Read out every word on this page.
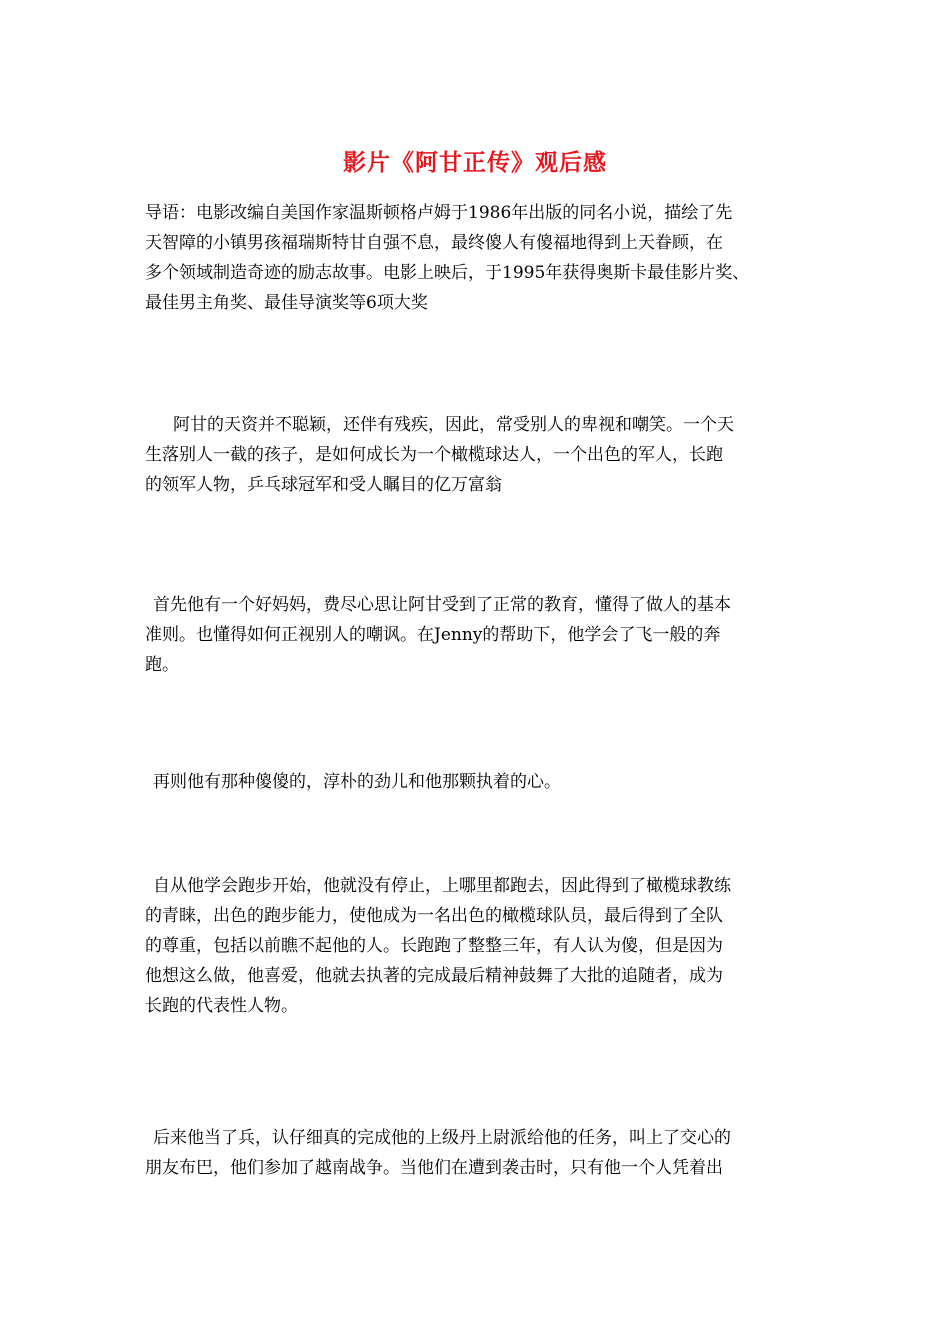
影片《阿甘正传》观后感
导语：电影改编自美国作家温斯顿格卢姆于1986年出版的同名小说，描绘了先
天智障的小镇男孩福瑞斯特甘自强不息，最终傻人有傻福地得到上天眷顾，在
多个领域制造奇迹的励志故事。电影上映后，于1995年获得奥斯卡最佳影片奖、
最佳男主角奖、最佳导演奖等6项大奖
阿甘的天资并不聪颖，还伴有残疾，因此，常受别人的卑视和嘲笑。一个天
生落别人一截的孩子，是如何成长为一个橄榄球达人，一个出色的军人，长跑
的领军人物，乒乓球冠军和受人瞩目的亿万富翁
首先他有一个好妈妈，费尽心思让阿甘受到了正常的教育，懂得了做人的基本
准则。也懂得如何正视别人的嘲讽。在Jenny的帮助下，他学会了飞一般的奔
跑。
再则他有那种傻傻的，淳朴的劲儿和他那颗执着的心。
自从他学会跑步开始，他就没有停止，上哪里都跑去，因此得到了橄榄球教练
的青睐，出色的跑步能力，使他成为一名出色的橄榄球队员，最后得到了全队
的尊重，包括以前瞧不起他的人。长跑跑了整整三年，有人认为傻，但是因为
他想这么做，他喜爱，他就去执著的完成最后精神鼓舞了大批的追随者，成为
长跑的代表性人物。
后来他当了兵，认仔细真的完成他的上级丹上尉派给他的任务，叫上了交心的
朋友布巴，他们参加了越南战争。当他们在遭到袭击时，只有他一个人凭着出
